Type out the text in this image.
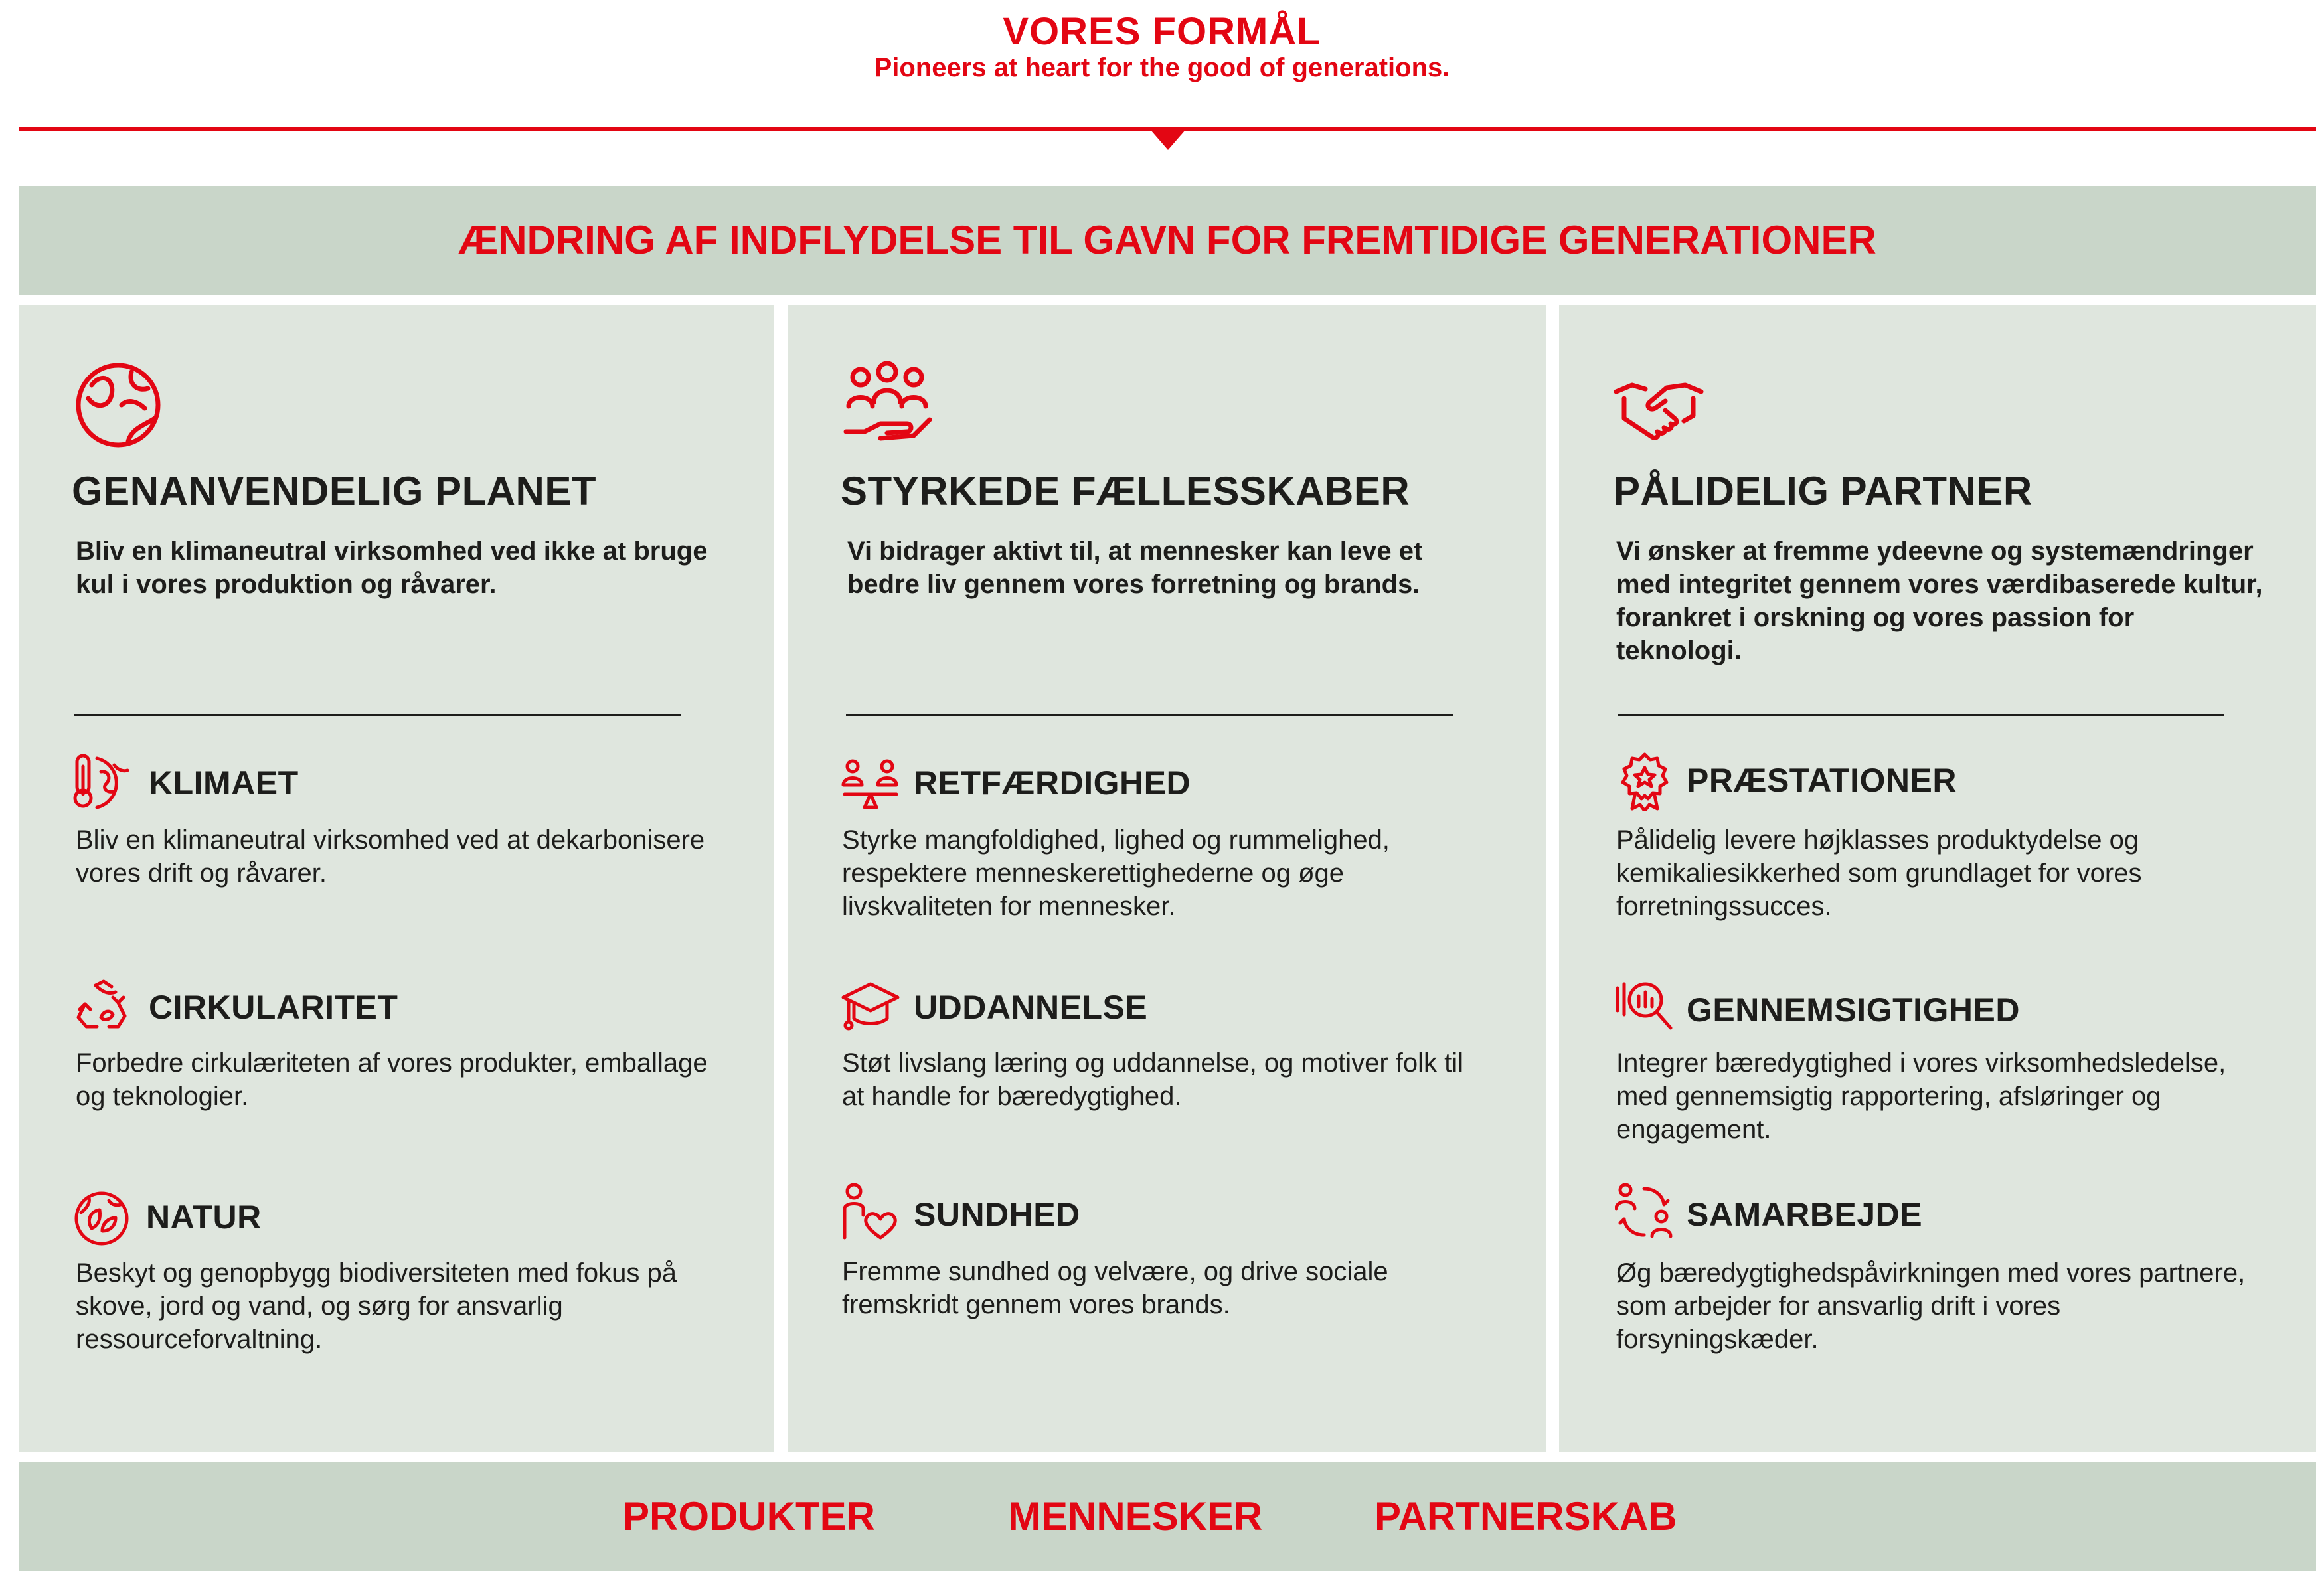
VORES FORMÅL
Pioneers at heart for the good of generations.
ÆNDRING AF INDFLYDELSE TIL GAVN FOR FREMTIDIGE GENERATIONER
GENANVENDELIG PLANET
Bliv en klimaneutral virksomhed ved ikke at bruge kul i vores produktion og råvarer.
KLIMAET
Bliv en klimaneutral virksomhed ved at dekarbonisere vores drift og råvarer.
CIRKULARITET
Forbedre cirkulæriteten af vores produkter, emballage og teknologier.
NATUR
Beskyt og genopbygg biodiversiteten med fokus på skove, jord og vand, og sørg for ansvarlig ressourceforvaltning.
STYRKEDE FÆLLESSKABER
Vi bidrager aktivt til, at mennesker kan leve et bedre liv gennem vores forretning og brands.
RETFÆRDIGHED
Styrke mangfoldighed, lighed og rummelighed, respektere menneskerettighederne og øge livskvaliteten for mennesker.
UDDANNELSE
Støt livslang læring og uddannelse, og motiver folk til at handle for bæredygtighed.
SUNDHED
Fremme sundhed og velvære, og drive sociale fremskridt gennem vores brands.
PÅLIDELIG PARTNER
Vi ønsker at fremme ydeevne og systemændringer med integritet gennem vores værdibaserede kultur, forankret i orskning og vores passion for teknologi.
PRÆSTATIONER
Pålidelig levere højklasses produktydelse og kemikaliesikkerhed som grundlaget for vores forretningssucces.
GENNEMSIGTIGHED
Integrer bæredygtighed i vores virksomhedsledelse, med gennemsigtig rapportering, afsløringer og engagement.
SAMARBEJDE
Øg bæredygtighedspåvirkningen med vores partnere, som arbejder for ansvarlig drift i vores forsyningskæder.
PRODUKTER	MENNESKER	PARTNERSKAB
